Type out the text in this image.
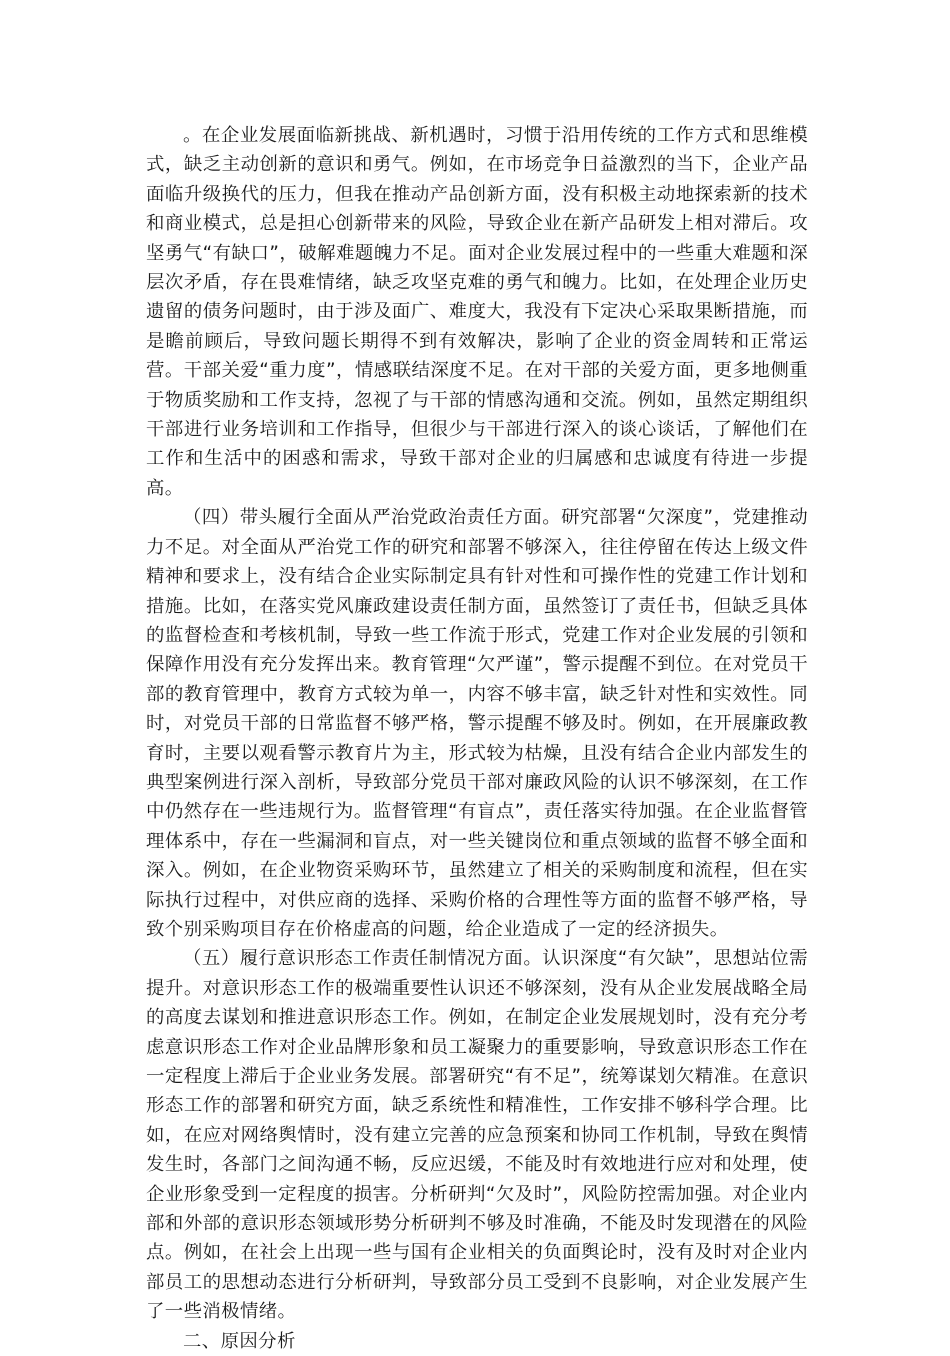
。在企业发展面临新挑战、新机遇时，习惯于沿用传统的工作方式和思维模式，缺乏主动创新的意识和勇气。例如，在市场竞争日益激烈的当下，企业产品面临升级换代的压力，但我在推动产品创新方面，没有积极主动地探索新的技术和商业模式，总是担心创新带来的风险，导致企业在新产品研发上相对滞后。攻坚勇气“有缺口”，破解难题魄力不足。面对企业发展过程中的一些重大难题和深层次矛盾，存在畏难情绪，缺乏攻坚克难的勇气和魄力。比如，在处理企业历史遗留的债务问题时，由于涉及面广、难度大，我没有下定决心采取果断措施，而是瞻前顾后，导致问题长期得不到有效解决，影响了企业的资金周转和正常运营。干部关爱“重力度”，情感联结深度不足。在对干部的关爱方面，更多地侧重于物质奖励和工作支持，忽视了与干部的情感沟通和交流。例如，虽然定期组织干部进行业务培训和工作指导，但很少与干部进行深入的谈心谈话，了解他们在工作和生活中的困惑和需求，导致干部对企业的归属感和忠诚度有待进一步提高。

（四）带头履行全面从严治党政治责任方面。研究部署“欠深度”，党建推动力不足。对全面从严治党工作的研究和部署不够深入，往往停留在传达上级文件精神和要求上，没有结合企业实际制定具有针对性和可操作性的党建工作计划和措施。比如，在落实党风廉政建设责任制方面，虽然签订了责任书，但缺乏具体的监督检查和考核机制，导致一些工作流于形式，党建工作对企业发展的引领和保障作用没有充分发挥出来。教育管理“欠严谨”，警示提醒不到位。在对党员干部的教育管理中，教育方式较为单一，内容不够丰富，缺乏针对性和实效性。同时，对党员干部的日常监督不够严格，警示提醒不够及时。例如，在开展廉政教育时，主要以观看警示教育片为主，形式较为枯燥，且没有结合企业内部发生的典型案例进行深入剖析，导致部分党员干部对廉政风险的认识不够深刻，在工作中仍然存在一些违规行为。监督管理“有盲点”，责任落实待加强。在企业监督管理体系中，存在一些漏洞和盲点，对一些关键岗位和重点领域的监督不够全面和深入。例如，在企业物资采购环节，虽然建立了相关的采购制度和流程，但在实际执行过程中，对供应商的选择、采购价格的合理性等方面的监督不够严格，导致个别采购项目存在价格虚高的问题，给企业造成了一定的经济损失。

（五）履行意识形态工作责任制情况方面。认识深度“有欠缺”，思想站位需提升。对意识形态工作的极端重要性认识还不够深刻，没有从企业发展战略全局的高度去谋划和推进意识形态工作。例如，在制定企业发展规划时，没有充分考虑意识形态工作对企业品牌形象和员工凝聚力的重要影响，导致意识形态工作在一定程度上滞后于企业业务发展。部署研究“有不足”，统筹谋划欠精准。在意识形态工作的部署和研究方面，缺乏系统性和精准性，工作安排不够科学合理。比如，在应对网络舆情时，没有建立完善的应急预案和协同工作机制，导致在舆情发生时，各部门之间沟通不畅，反应迟缓，不能及时有效地进行应对和处理，使企业形象受到一定程度的损害。分析研判“欠及时”，风险防控需加强。对企业内部和外部的意识形态领域形势分析研判不够及时准确，不能及时发现潜在的风险点。例如，在社会上出现一些与国有企业相关的负面舆论时，没有及时对企业内部员工的思想动态进行分析研判，导致部分员工受到不良影响，对企业发展产生了一些消极情绪。

二、原因分析
